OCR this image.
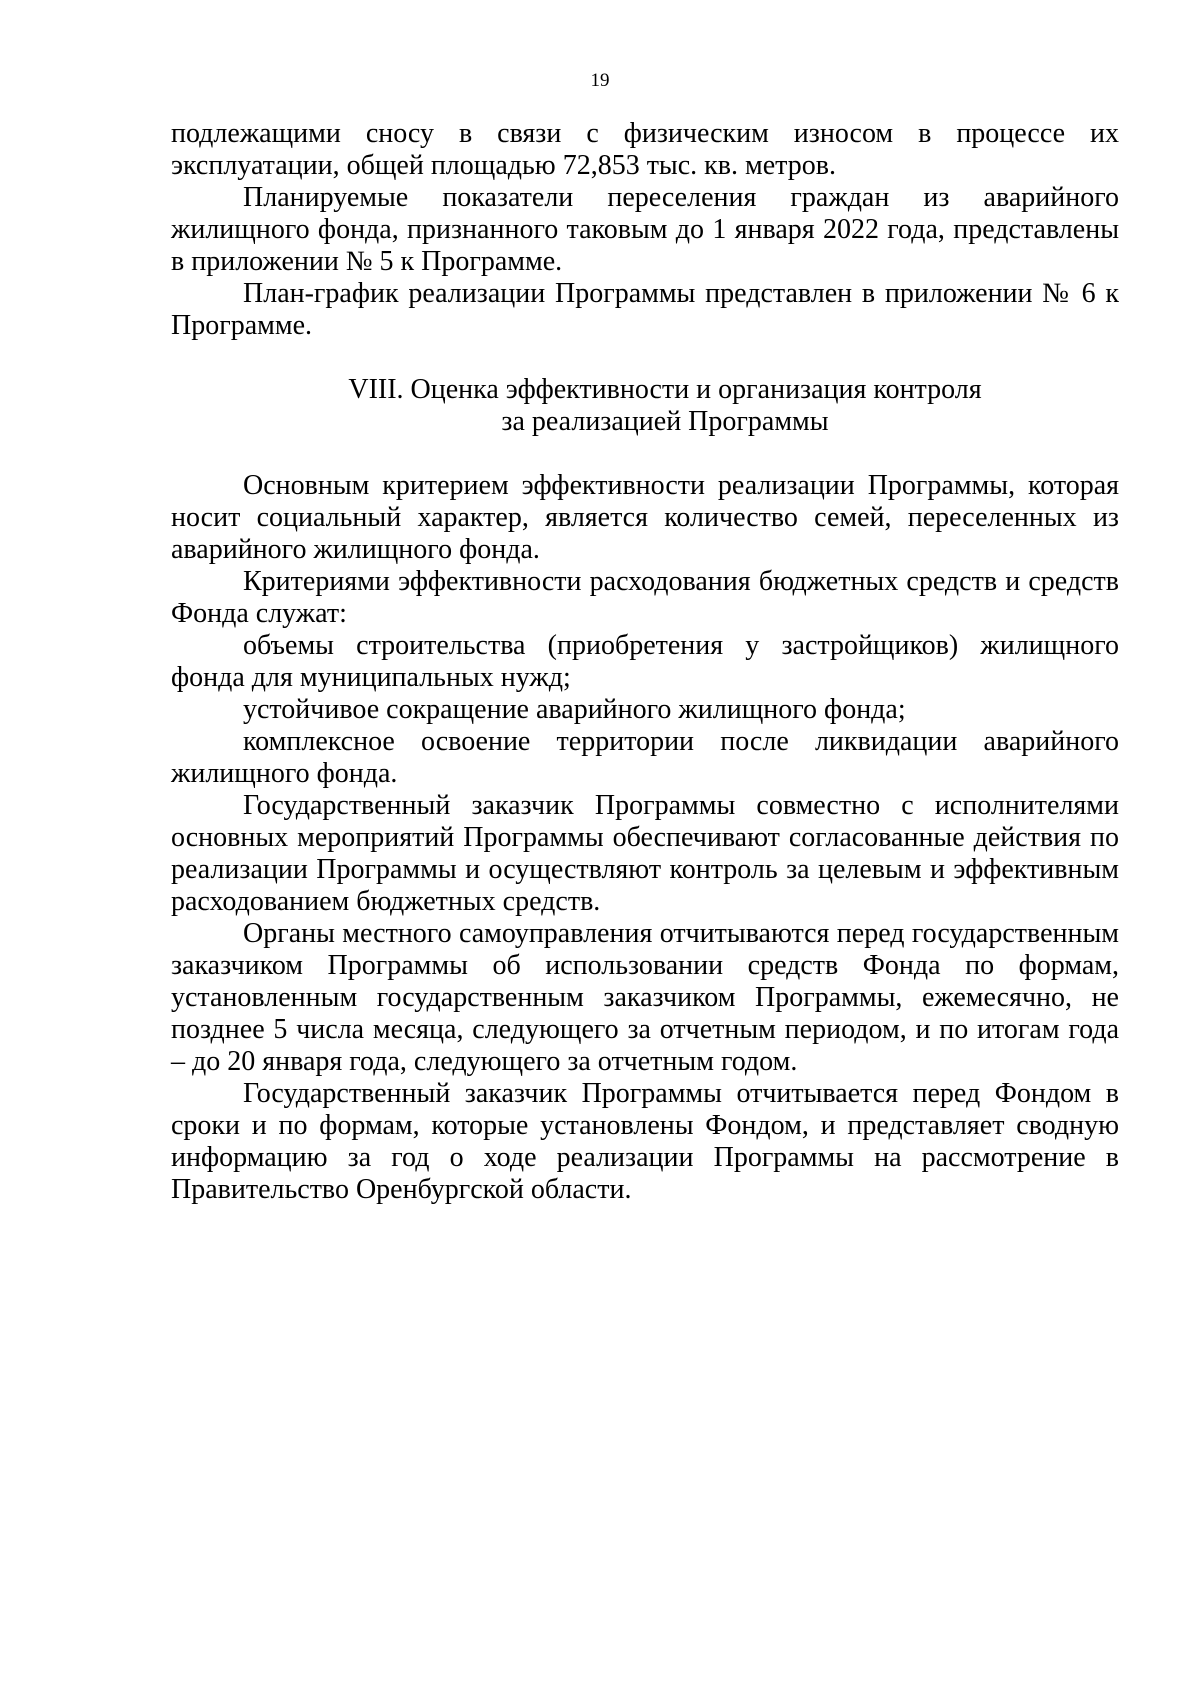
19

подлежащими сносу в связи с физическим износом в процессе их эксплуатации, общей площадью 72,853 тыс. кв. метров.

Планируемые показатели переселения граждан из аварийного жилищного фонда, признанного таковым до 1 января 2022 года, представлены в приложении № 5 к Программе.

План-график реализации Программы представлен в приложении № 6 к Программе.

VIII. Оценка эффективности и организация контроля
за реализацией Программы

Основным критерием эффективности реализации Программы, которая носит социальный характер, является количество семей, переселенных из аварийного жилищного фонда.

Критериями эффективности расходования бюджетных средств и средств Фонда служат:

объемы строительства (приобретения у застройщиков) жилищного фонда для муниципальных нужд;

устойчивое сокращение аварийного жилищного фонда;

комплексное освоение территории после ликвидации аварийного жилищного фонда.

Государственный заказчик Программы совместно с исполнителями основных мероприятий Программы обеспечивают согласованные действия по реализации Программы и осуществляют контроль за целевым и эффективным расходованием бюджетных средств.

Органы местного самоуправления отчитываются перед государственным заказчиком Программы об использовании средств Фонда по формам, установленным государственным заказчиком Программы, ежемесячно, не позднее 5 числа месяца, следующего за отчетным периодом, и по итогам года – до 20 января года, следующего за отчетным годом.

Государственный заказчик Программы отчитывается перед Фондом в сроки и по формам, которые установлены Фондом, и представляет сводную информацию за год о ходе реализации Программы на рассмотрение в Правительство Оренбургской области.
